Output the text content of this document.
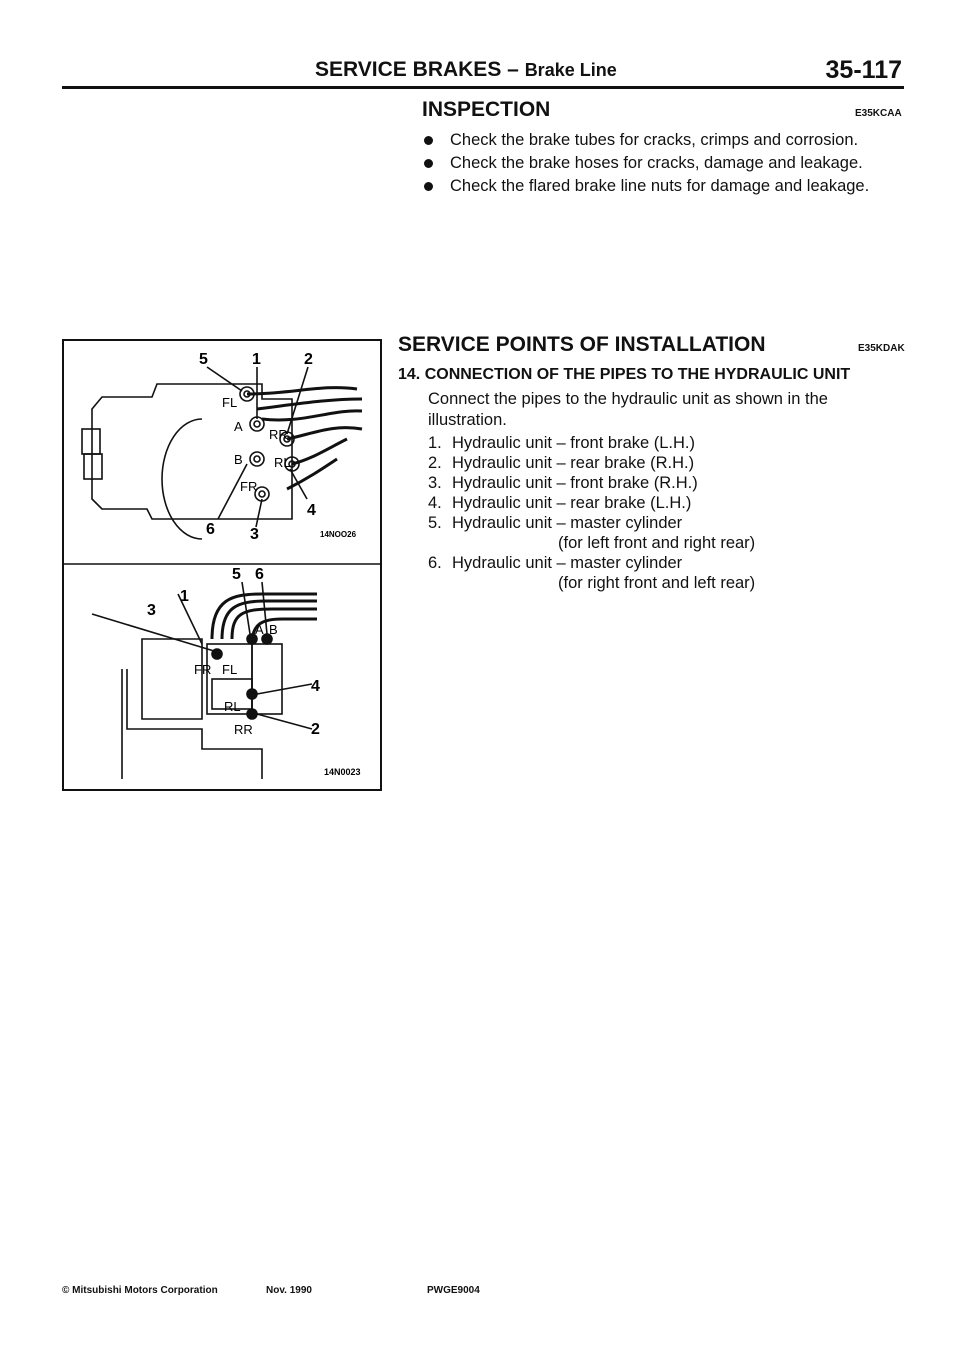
SERVICE BRAKES – Brake Line	35-117
INSPECTION	E35KCAA
Check the brake tubes for cracks, crimps and corrosion.
Check the brake hoses for cracks, damage and leakage.
Check the flared brake line nuts for damage and leakage.
SERVICE POINTS OF INSTALLATION	E35KDAK
14. CONNECTION OF THE PIPES TO THE HYDRAULIC UNIT
Connect the pipes to the hydraulic unit as shown in the illustration.
1. Hydraulic unit – front brake (L.H.)
2. Hydraulic unit – rear brake (R.H.)
3. Hydraulic unit – front brake (R.H.)
4. Hydraulic unit – rear brake (L.H.)
5. Hydraulic unit – master cylinder
(for left front and right rear)
6. Hydraulic unit – master cylinder
(for right front and left rear)
5	1	2
4
6 3
FL
A
RR
B RL
FR
14NOO26
5 6
1
3
4
2
A B
FR FL
RL
RR
14N0023
© Mitsubishi Motors Corporation	Nov. 1990	PWGE9004
